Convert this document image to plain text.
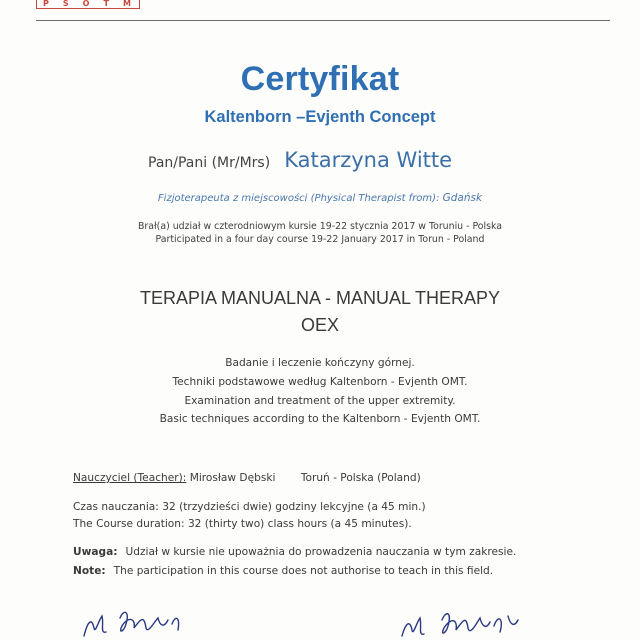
P S O T M
Certyfikat
Kaltenborn –Evjenth Concept
Pan/Pani (Mr/Mrs) Katarzyna Witte
Fizjoterapeuta z miejscowości (Physical Therapist from): Gdańsk
Brał(a) udział w czterodniowym kursie 19-22 stycznia 2017 w Toruniu - Polska
Participated in a four day course 19-22 January 2017 in Torun - Poland
TERAPIA MANUALNA - MANUAL THERAPY
OEX
Badanie i leczenie kończyny górnej.
Techniki podstawowe według Kaltenborn - Evjenth OMT.
Examination and treatment of the upper extremity.
Basic techniques according to the Kaltenborn - Evjenth OMT.
Nauczyciel (Teacher): Mirosław Dębski Toruń - Polska (Poland)
Czas nauczania: 32 (trzydzieści dwie) godziny lekcyjne (a 45 min.)
The Course duration: 32 (thirty two) class hours (a 45 minutes).
Uwaga: Udział w kursie nie upoważnia do prowadzenia nauczania w tym zakresie.
Note: The participation in this course does not authorise to teach in this field.
